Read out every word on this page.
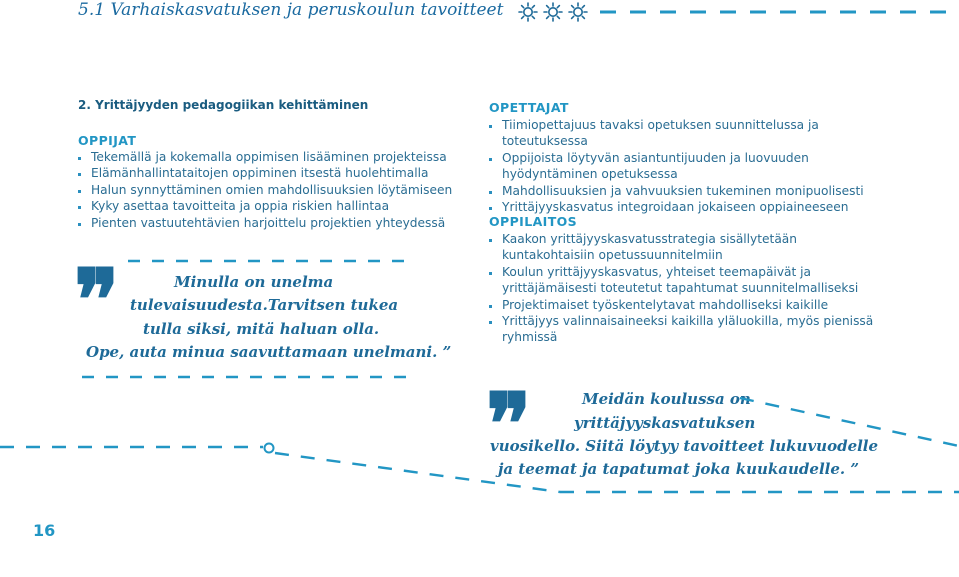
5.1 Varhaiskasvatuksen ja peruskoulun tavoitteet
2. Yrittäjyyden pedagogiikan kehittäminen
OPPIJAT
Tekemällä ja kokemalla oppimisen lisääminen projekteissa
Elämänhallintataitojen oppiminen itsestä huolehtimalla
Halun synnyttäminen omien mahdollisuuksien löytämiseen
Kyky asettaa tavoitteita ja oppia riskien hallintaa
Pienten vastuutehtävien harjoittelu projektien yhteydessä
❞	Minulla on unelma
tulevaisuudesta.Tarvitsen tukea
tulla siksi, mitä haluan olla.
Ope, auta minua saavuttamaan unelmani. ”
OPETTAJAT
Tiimiopettajuus tavaksi opetuksen suunnittelussa ja toteutuksessa
Oppijoista löytyvän asiantuntijuuden ja luovuuden hyödyntäminen opetuksessa
Mahdollisuuksien ja vahvuuksien tukeminen monipuolisesti
Yrittäjyyskasvatus integroidaan jokaiseen oppiaineeseen
OPPILAITOS
Kaakon yrittäjyyskasvatusstrategia sisällytetään kuntakohtaisiin opetussuunnitelmiin
Koulun yrittäjyyskasvatus, yhteiset teemapäivät ja yrittäjämäisesti toteutetut tapahtumat suunnitelmalliseksi
Projektimaiset työskentelytavat mahdolliseksi kaikille
Yrittäjyys valinnaisaineeksi kaikilla yläluokilla, myös pienissä ryhmissä
❞	Meidän koulussa on
yrittäjyyskasvatuksen
vuosikello. Siitä löytyy tavoitteet lukuvuodelle
ja teemat ja tapatumat joka kuukaudelle. ”
16
